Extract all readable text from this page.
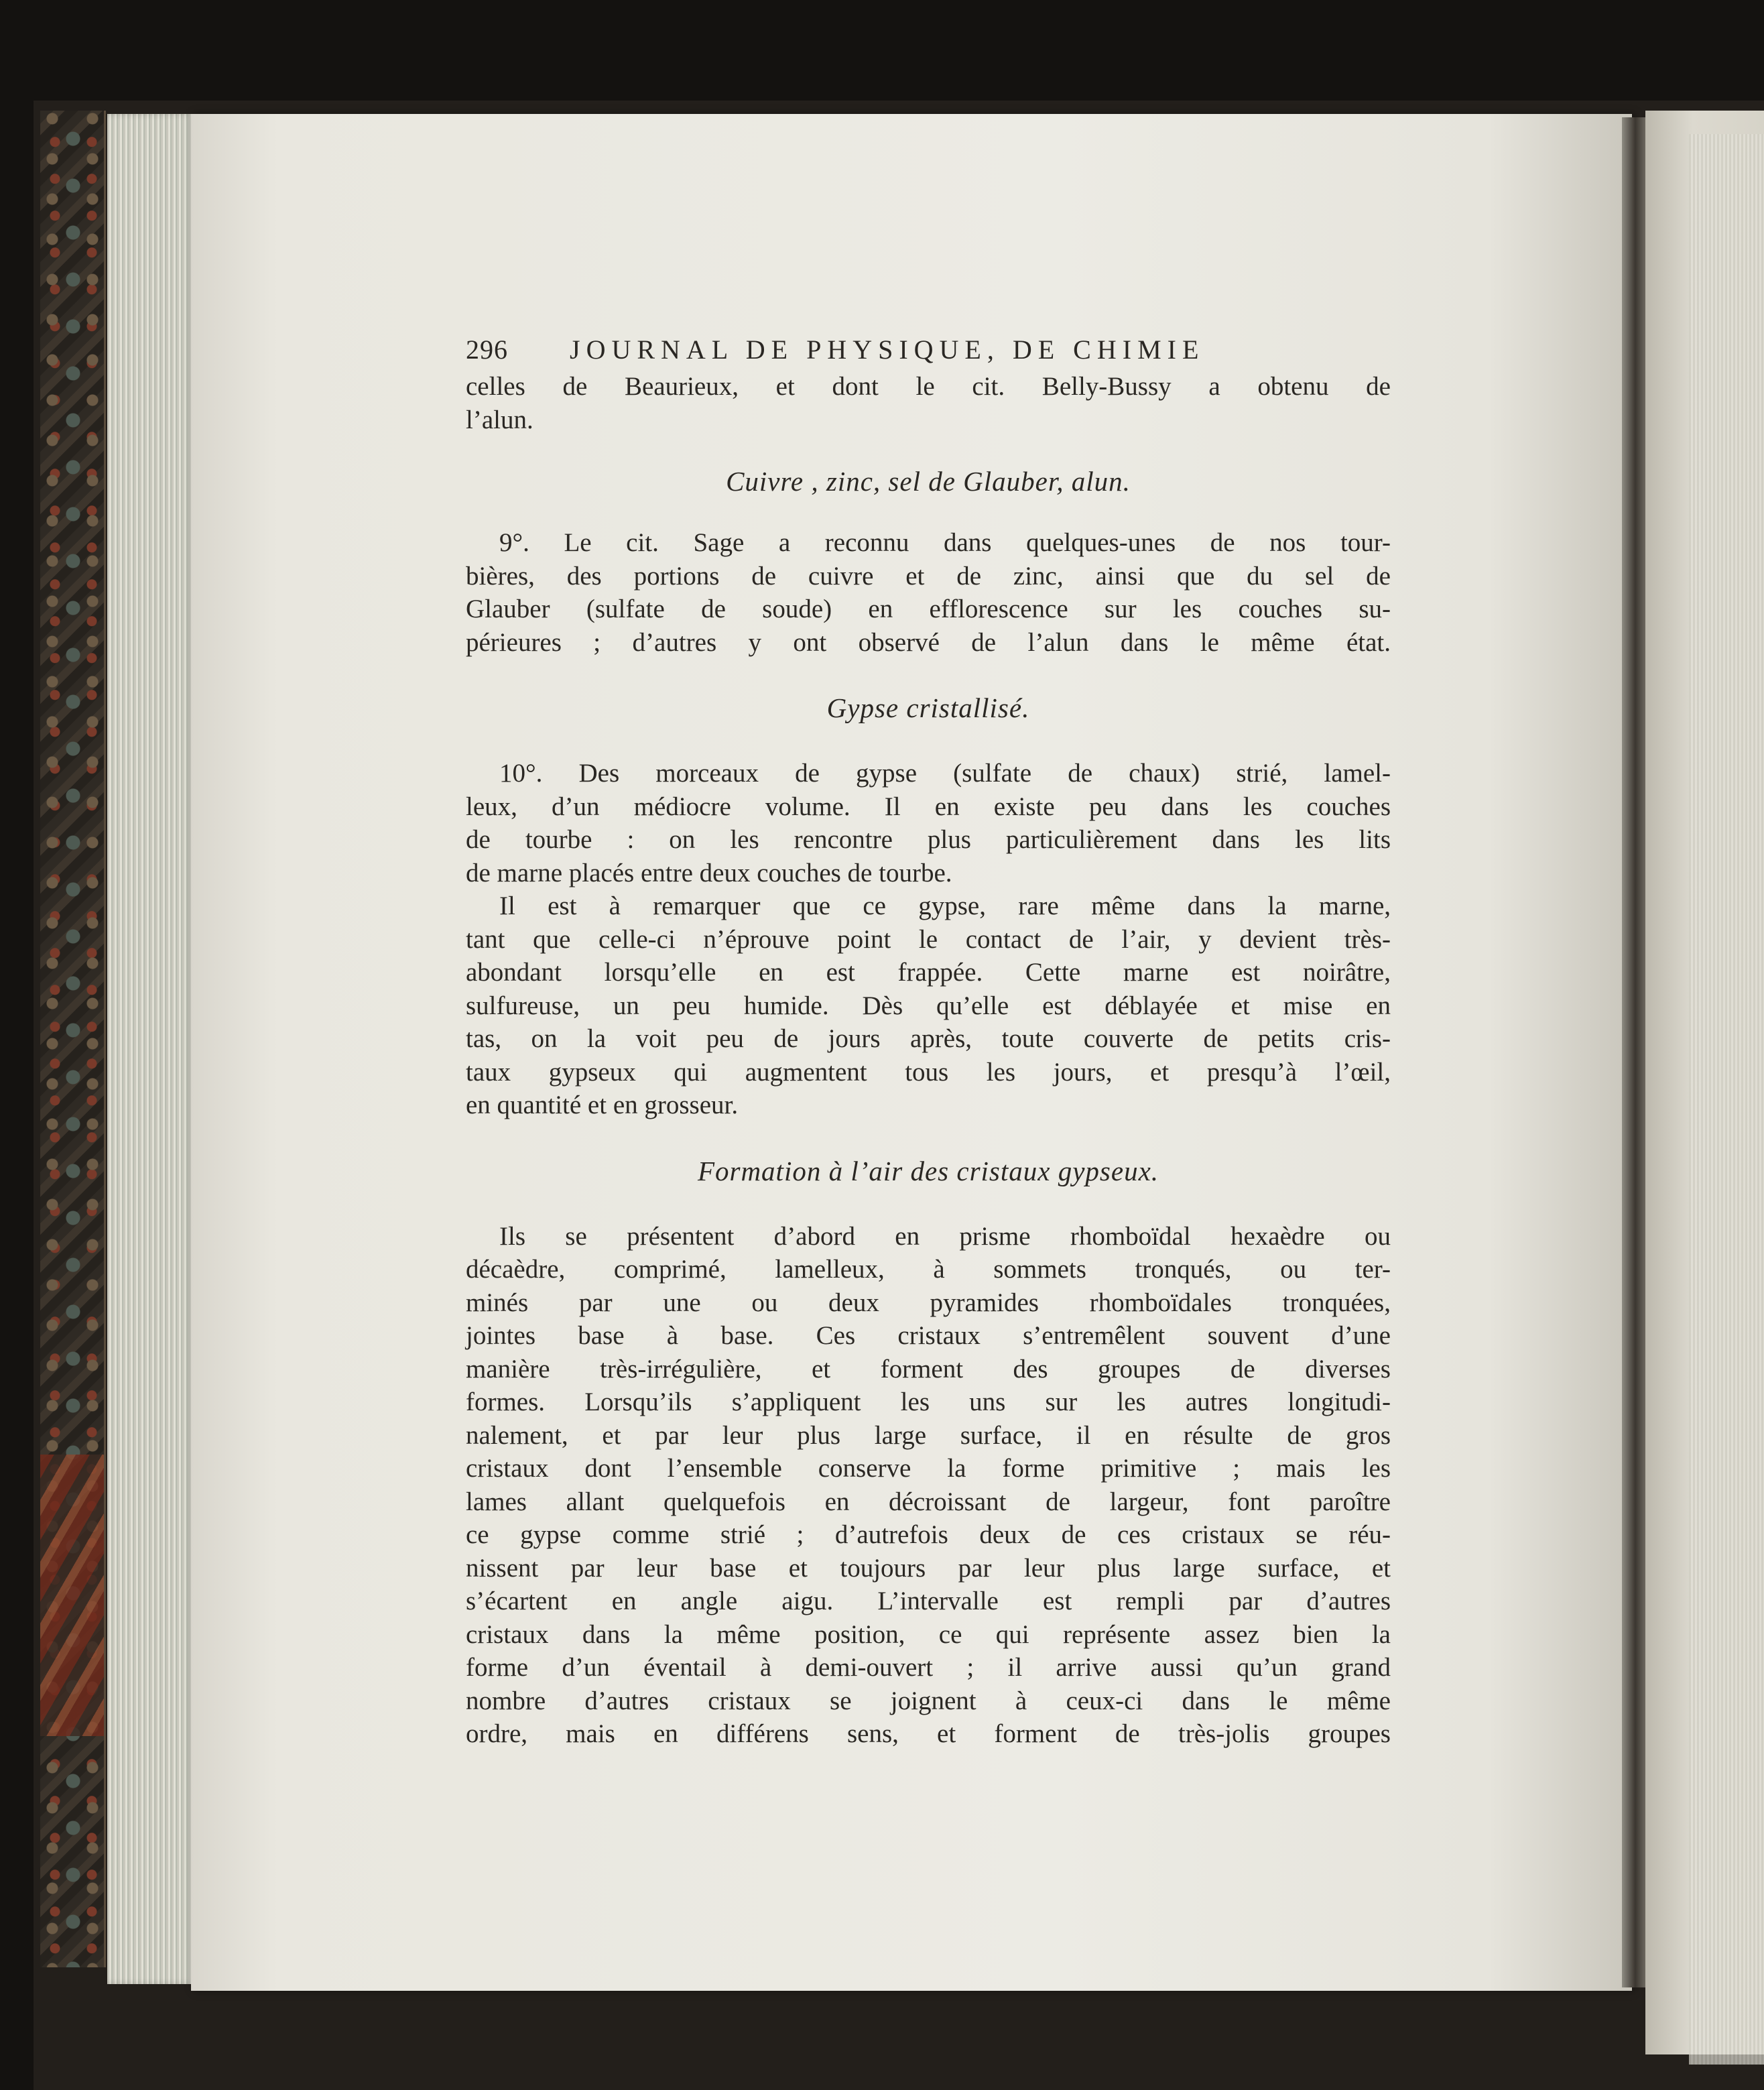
296 JOURNAL DE PHYSIQUE, DE CHIMIE
celles de Beaurieux, et dont le cit. Belly-Bussy a obtenu de
l’alun.
Cuivre , zinc, sel de Glauber, alun.
9°. Le cit. Sage a reconnu dans quelques-unes de nos tour-
bières, des portions de cuivre et de zinc, ainsi que du sel de
Glauber (sulfate de soude) en efflorescence sur les couches su-
périeures ; d’autres y ont observé de l’alun dans le même état.
Gypse cristallisé.
10°. Des morceaux de gypse (sulfate de chaux) strié, lamel-
leux, d’un médiocre volume. Il en existe peu dans les couches
de tourbe : on les rencontre plus particulièrement dans les lits
de marne placés entre deux couches de tourbe.
Il est à remarquer que ce gypse, rare même dans la marne,
tant que celle-ci n’éprouve point le contact de l’air, y devient très-
abondant lorsqu’elle en est frappée. Cette marne est noirâtre,
sulfureuse, un peu humide. Dès qu’elle est déblayée et mise en
tas, on la voit peu de jours après, toute couverte de petits cris-
taux gypseux qui augmentent tous les jours, et presqu’à l’œil,
en quantité et en grosseur.
Formation à l’air des cristaux gypseux.
Ils se présentent d’abord en prisme rhomboïdal hexaèdre ou
décaèdre, comprimé, lamelleux, à sommets tronqués, ou ter-
minés par une ou deux pyramides rhomboïdales tronquées,
jointes base à base. Ces cristaux s’entremêlent souvent d’une
manière très-irrégulière, et forment des groupes de diverses
formes. Lorsqu’ils s’appliquent les uns sur les autres longitudi-
nalement, et par leur plus large surface, il en résulte de gros
cristaux dont l’ensemble conserve la forme primitive ; mais les
lames allant quelquefois en décroissant de largeur, font paroître
ce gypse comme strié ; d’autrefois deux de ces cristaux se réu-
nissent par leur base et toujours par leur plus large surface, et
s’écartent en angle aigu. L’intervalle est rempli par d’autres
cristaux dans la même position, ce qui représente assez bien la
forme d’un éventail à demi-ouvert ; il arrive aussi qu’un grand
nombre d’autres cristaux se joignent à ceux-ci dans le même
ordre, mais en différens sens, et forment de très-jolis groupes
